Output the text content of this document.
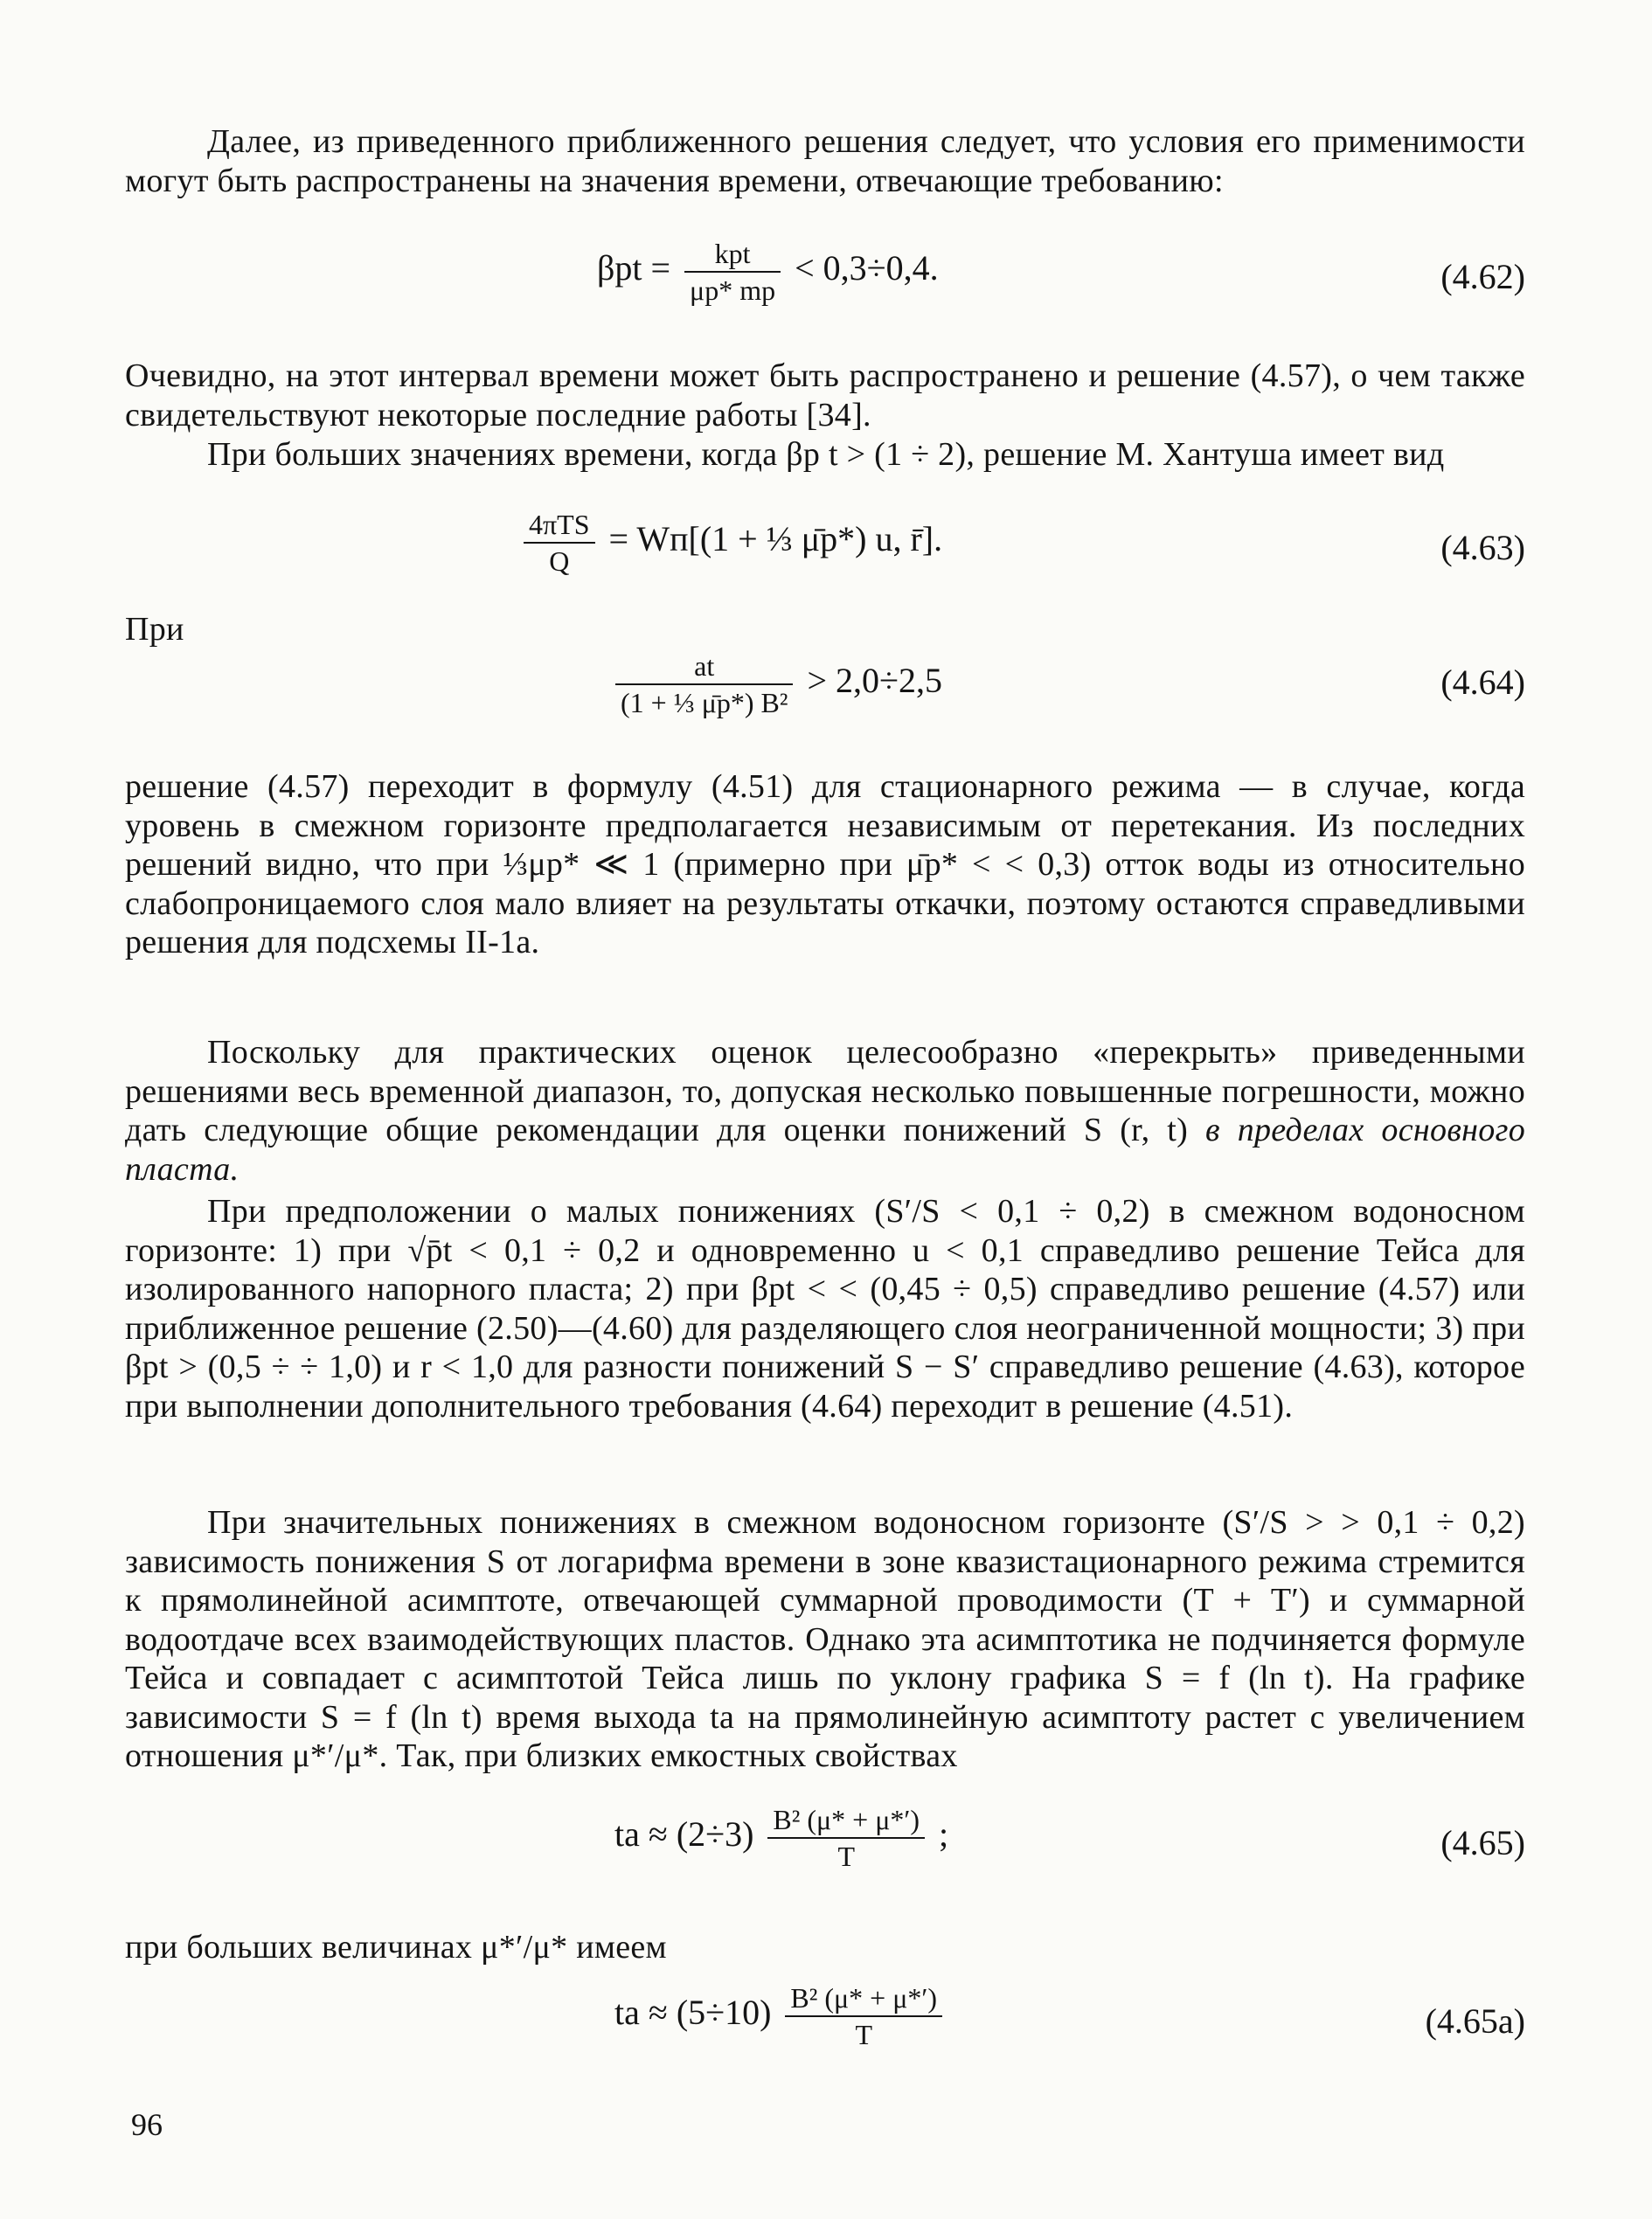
Далее, из приведенного приближенного решения следует, что условия его применимости могут быть распространены на значения времени, отвечающие требованию:

$\beta pt = \frac{\text{kpt}}{\mu p* mp} < 0,3\div 0,4$.	(4.62)

Очевидно, на этот интервал времени может быть распространено и решение (4.57), о чем также свидетельствуют некоторые последние работы [34].

При больших значениях времени, когда βp t > (1 ÷ 2), решение М. Хантуша имеет вид

$\frac{\text{4πTS}}{Q} = Wп[(1$ + ⅓ μ̄p*) u, r̄].	(4.63)

При

$\frac{at}{\text{(1 + ⅓ μ̄p*) B²}} > 2,0\div 2,5$	(4.64)

решение (4.57) переходит в формулу (4.51) для стационарного режима — в случае, когда уровень в смежном горизонте предполагается независимым от перетекания. Из последних решений видно, что при ⅓μp* ≪ 1 (примерно при μ̄p* < < 0,3) отток воды из относительно слабопроницаемого слоя мало влияет на результаты откачки, поэтому остаются справедливыми решения для подсхемы II-1а.

Поскольку для практических оценок целесообразно «перекрыть» приведенными решениями весь временной диапазон, то, допуская несколько повышенные погрешности, можно дать следующие общие рекомендации для оценки понижений S (r, t) в пределах основного пласта.

При предположении о малых понижениях (S′/S < 0,1 ÷ 0,2) в смежном водоносном горизонте: 1) при √p̄t < 0,1 ÷ 0,2 и одновременно u < 0,1 справедливо решение Тейса для изолированного напорного пласта; 2) при βpt < < (0,45 ÷ 0,5) справедливо решение (4.57) или приближенное решение (2.50)—(4.60) для разделяющего слоя неограниченной мощности; 3) при βpt > (0,5 ÷ ÷ 1,0) и r < 1,0 для разности понижений S − S′ справедливо решение (4.63), которое при выполнении дополнительного требования (4.64) переходит в решение (4.51).

При значительных понижениях в смежном водоносном горизонте (S′/S > > 0,1 ÷ 0,2) зависимость понижения S от логарифма времени в зоне квазистационарного режима стремится к прямолинейной асимптоте, отвечающей суммарной проводимости (T + T′) и суммарной водоотдаче всех взаимодействующих пластов. Однако эта асимптотика не подчиняется формуле Тейса и совпадает с асимптотой Тейса лишь по уклону графика S = f (ln t). На графике зависимости S = f (ln t) время выхода ta на прямолинейную асимптоту растет с увеличением отношения μ*′/μ*. Так, при близких емкостных свойствах

ta ≈ $(2\div 3) \frac{\text{B² (μ* + μ*′)}}{T}$ ;	(4.65)

при больших величинах μ*′/μ* имеем

ta ≈ $(5\div 10) \frac{\text{B² (μ* + μ*′)}}{T}$	(4.65а)
96
